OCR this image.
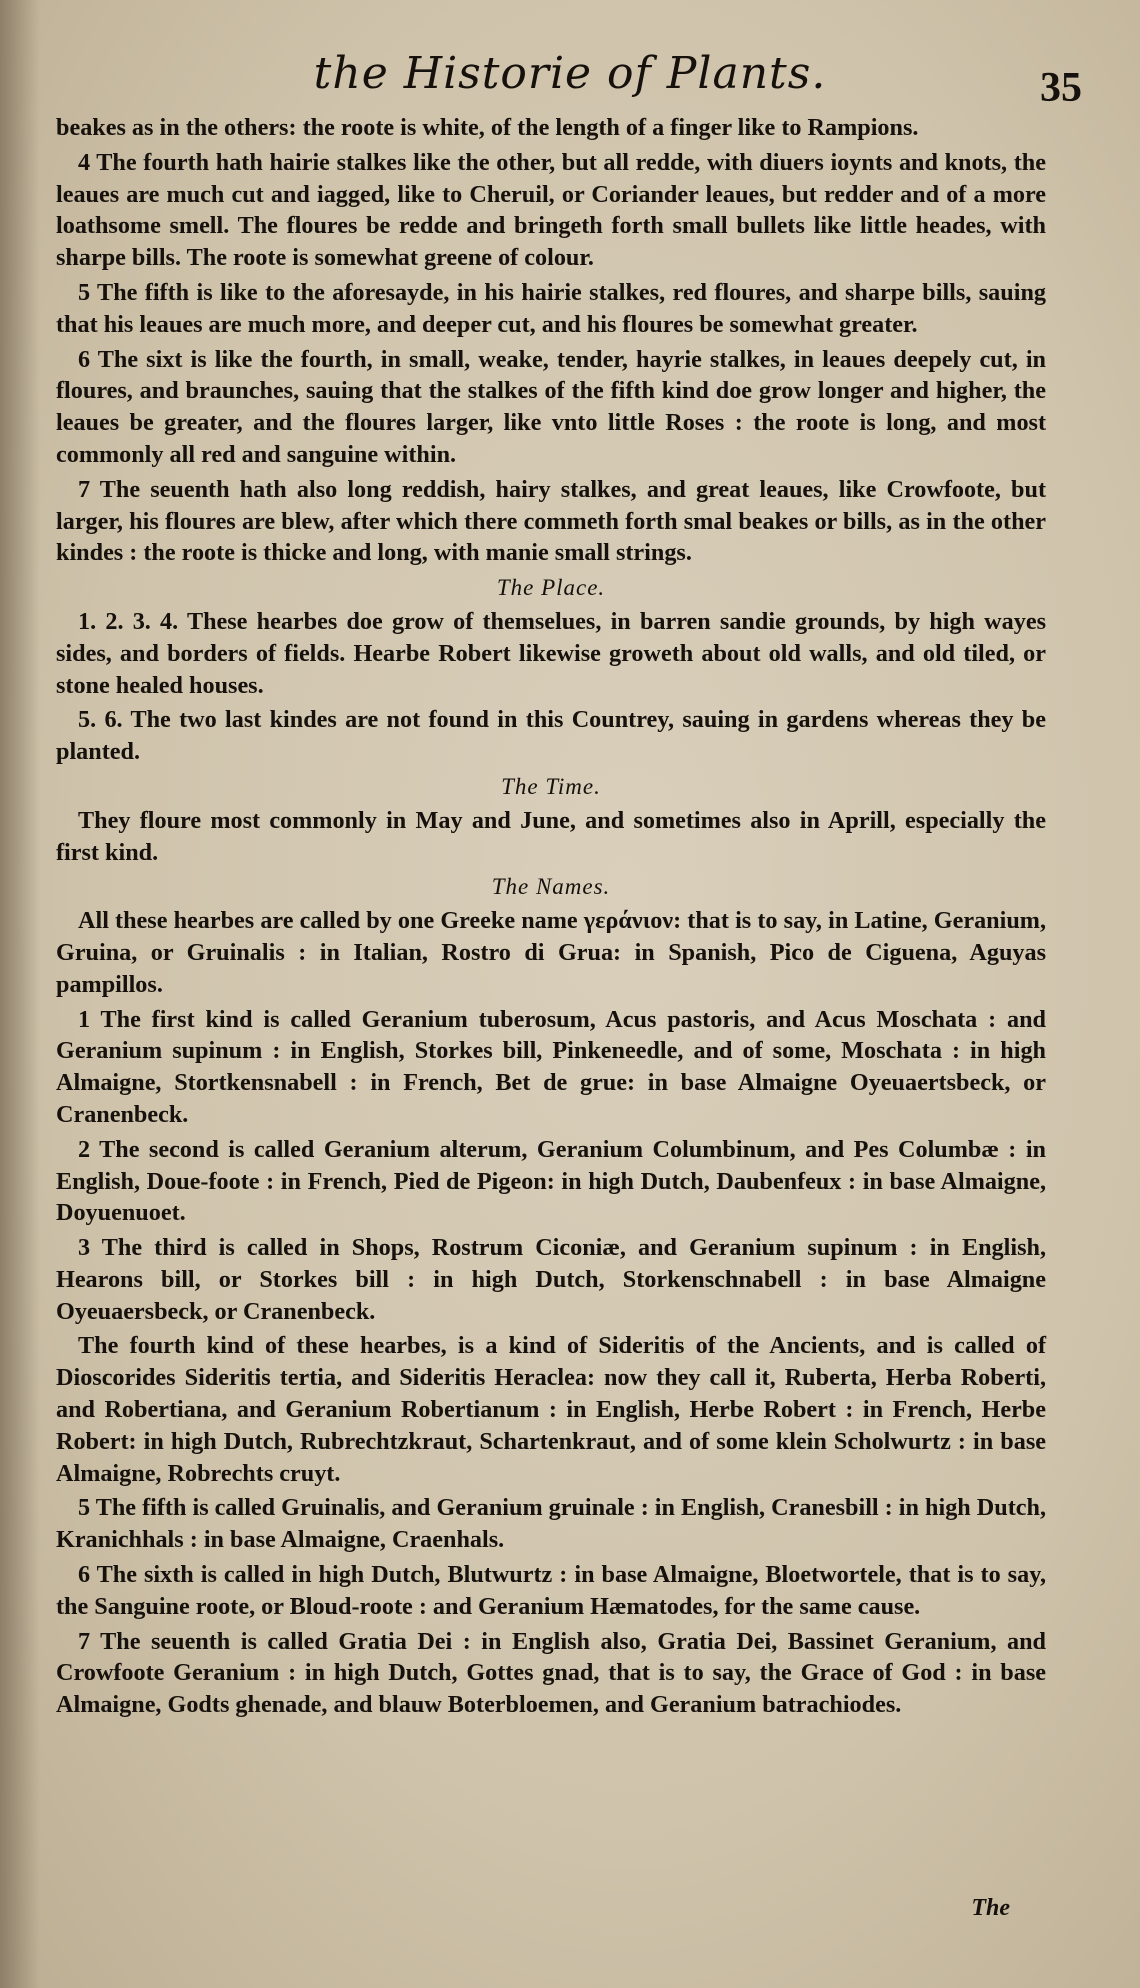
the Historie of Plants.	35

beakes as in the others: the roote is white, of the length of a finger like to Rampions.

4 The fourth hath hairie stalkes like the other, but all redde, with diuers ioynts and knots, the leaues are much cut and iagged, like to Cheruil, or Coriander leaues, but redder and of a more loathsome smell. The floures be redde and bringeth forth small bullets like little heades, with sharpe bills. The roote is somewhat greene of colour.

5 The fifth is like to the aforesayde, in his hairie stalkes, red floures, and sharpe bills, sauing that his leaues are much more, and deeper cut, and his floures be somewhat greater.

6 The sixt is like the fourth, in small, weake, tender, hayrie stalkes, in leaues deepely cut, in floures, and braunches, sauing that the stalkes of the fifth kind doe grow longer and higher, the leaues be greater, and the floures larger, like vnto little Roses : the roote is long, and most commonly all red and sanguine within.

7 The seuenth hath also long reddish, hairy stalkes, and great leaues, like Crowfoote, but larger, his floures are blew, after which there commeth forth smal beakes or bills, as in the other kindes : the roote is thicke and long, with manie small strings.

The Place.

1. 2. 3. 4. These hearbes doe grow of themselues, in barren sandie grounds, by high wayes sides, and borders of fields. Hearbe Robert likewise groweth about old walls, and old tiled, or stone healed houses.

5. 6. The two last kindes are not found in this Countrey, sauing in gardens whereas they be planted.

The Time.

They floure most commonly in May and June, and sometimes also in Aprill, especially the first kind.

The Names.

All these hearbes are called by one Greeke name γεράνιον: that is to say, in Latine, Geranium, Gruina, or Gruinalis : in Italian, Rostro di Grua: in Spanish, Pico de Ciguena, Aguyas pampillos.

1 The first kind is called Geranium tuberosum, Acus pastoris, and Acus Moschata : and Geranium supinum : in English, Storkes bill, Pinkeneedle, and of some, Moschata : in high Almaigne, Stortkensnabell : in French, Bet de grue: in base Almaigne Oyeuaertsbeck, or Cranenbeck.

2 The second is called Geranium alterum, Geranium Columbinum, and Pes Columbæ : in English, Doue-foote : in French, Pied de Pigeon: in high Dutch, Daubenfeux : in base Almaigne, Doyuenuoet.

3 The third is called in Shops, Rostrum Ciconiæ, and Geranium supinum : in English, Hearons bill, or Storkes bill : in high Dutch, Storkenschnabell : in base Almaigne Oyeuaersbeck, or Cranenbeck.

The fourth kind of these hearbes, is a kind of Sideritis of the Ancients, and is called of Dioscorides Sideritis tertia, and Sideritis Heraclea: now they call it, Ruberta, Herba Roberti, and Robertiana, and Geranium Robertianum : in English, Herbe Robert : in French, Herbe Robert: in high Dutch, Rubrechtzkraut, Schartenkraut, and of some klein Scholwurtz : in base Almaigne, Robrechts cruyt.

5 The fifth is called Gruinalis, and Geranium gruinale : in English, Cranesbill : in high Dutch, Kranichhals : in base Almaigne, Craenhals.

6 The sixth is called in high Dutch, Blutwurtz : in base Almaigne, Bloetwortele, that is to say, the Sanguine roote, or Bloud-roote : and Geranium Hæmatodes, for the same cause.

7 The seuenth is called Gratia Dei : in English also, Gratia Dei, Bassinet Geranium, and Crowfoote Geranium : in high Dutch, Gottes gnad, that is to say, the Grace of God : in base Almaigne, Godts ghenade, and blauw Boterbloemen, and Geranium batrachiodes.

The
